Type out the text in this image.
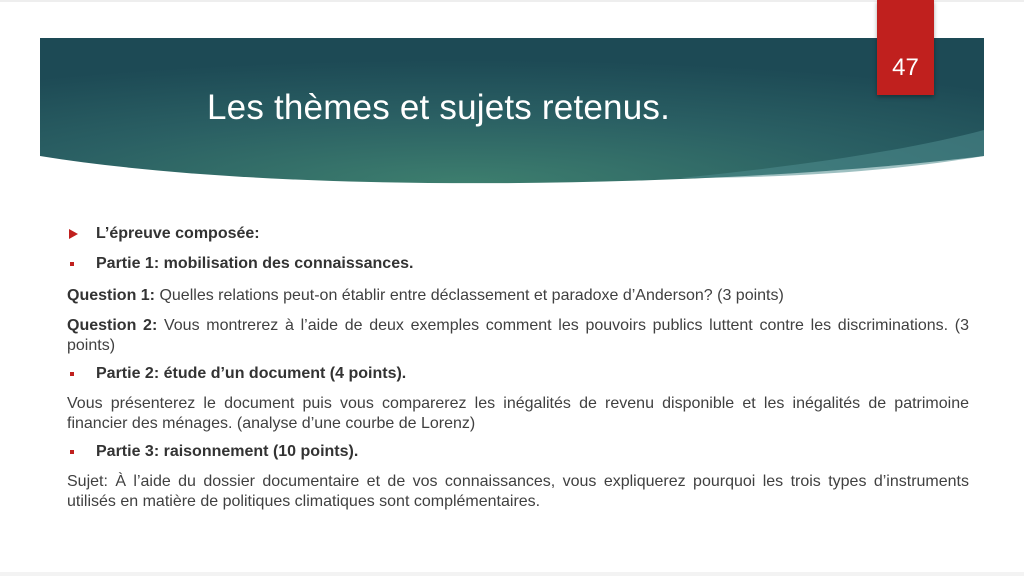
Les thèmes et sujets retenus.
47
L’épreuve composée:
Partie 1: mobilisation des connaissances.
Question 1: Quelles relations peut-on établir entre déclassement et paradoxe d’Anderson? (3 points)
Question 2: Vous montrerez à l’aide de deux exemples comment les pouvoirs publics luttent contre les discriminations. (3 points)
Partie 2: étude d’un document (4 points).
Vous présenterez le document puis vous comparerez les inégalités de revenu disponible et les inégalités de patrimoine financier des ménages. (analyse d’une courbe de Lorenz)
Partie 3: raisonnement (10 points).
Sujet: À l’aide du dossier documentaire et de vos connaissances, vous expliquerez pourquoi les trois types d’instruments utilisés en matière de politiques climatiques sont complémentaires.
